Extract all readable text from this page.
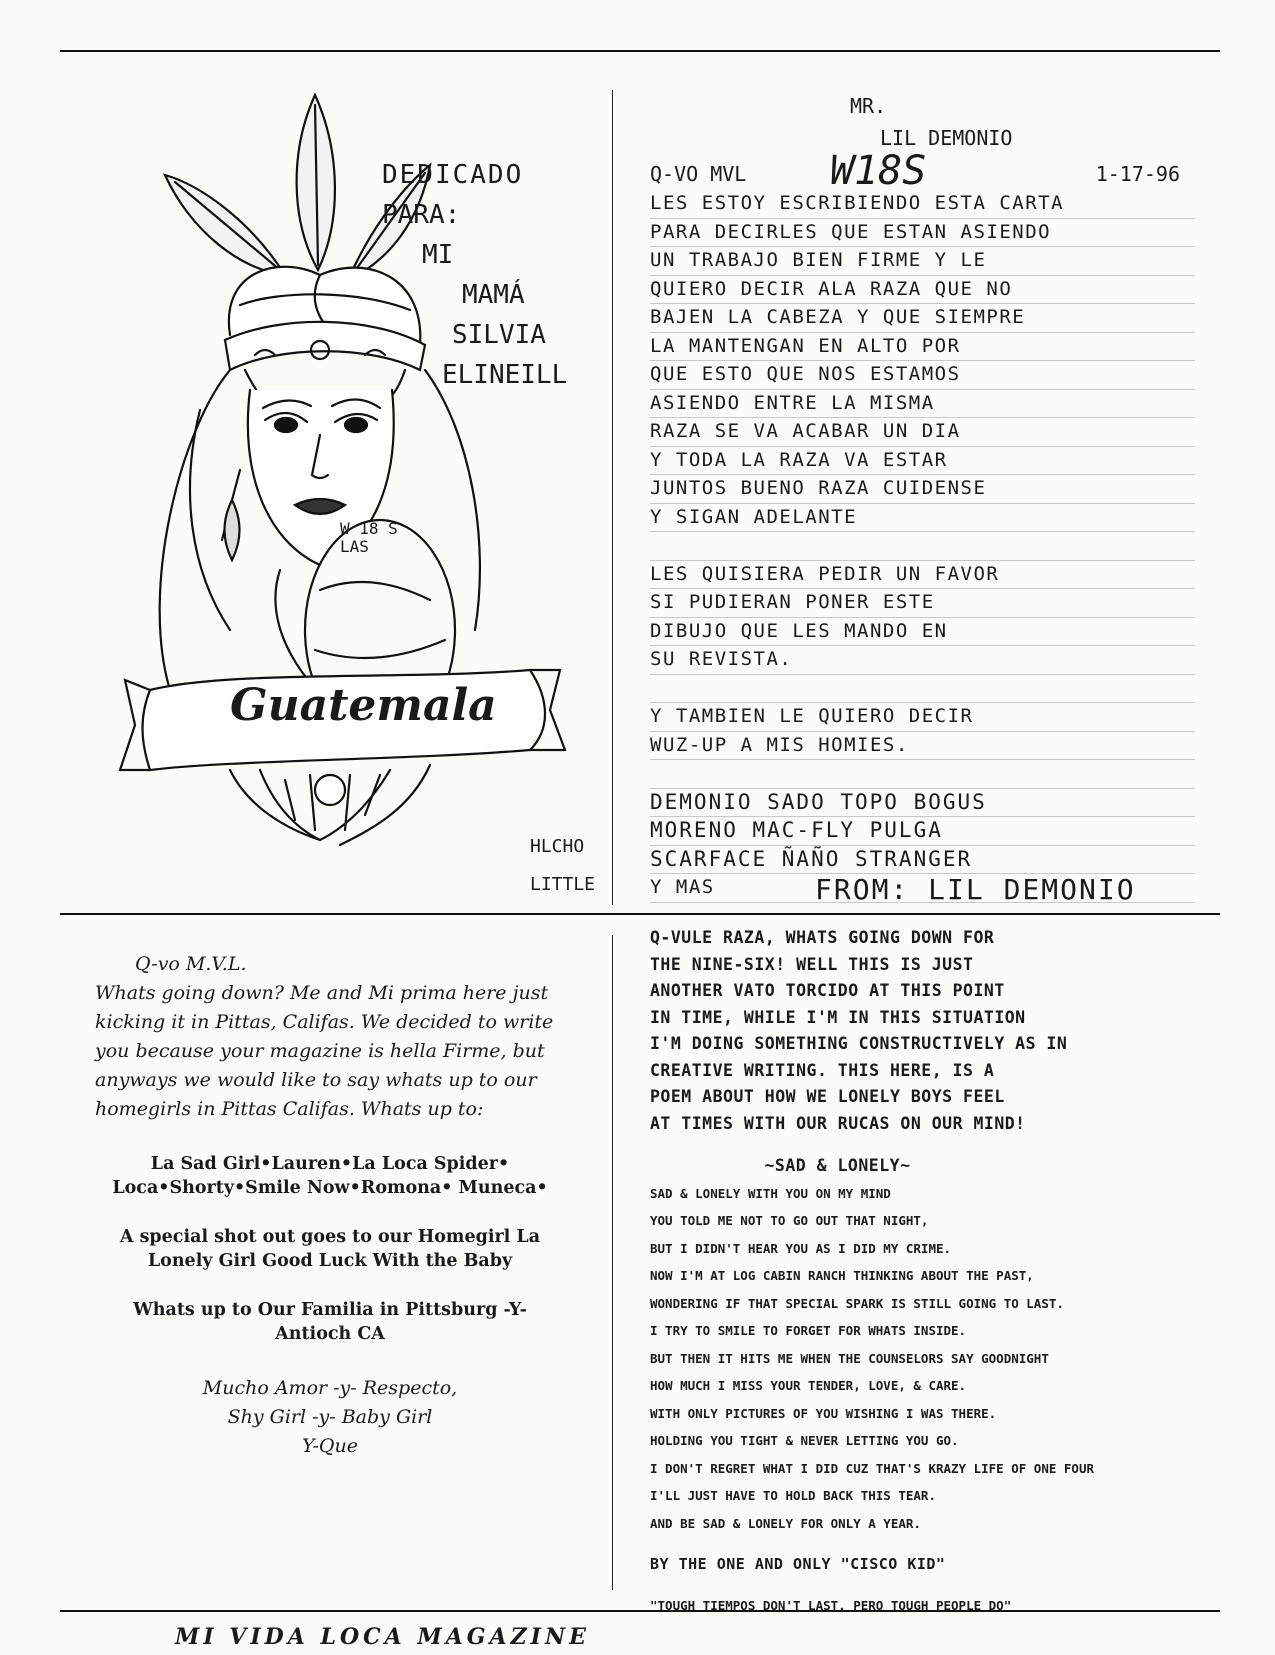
Guatemala
W 18 S
LAS
DEDICADO
PARA:
MI
MAMÁ
SILVIA
ELINEILL
HLCHO
LITTLE
MR.
LIL DEMONIO
Q-VO MVL W18S	1-17-96
LES ESTOY ESCRIBIENDO ESTA CARTA
PARA DECIRLES QUE ESTAN ASIENDO
UN TRABAJO BIEN FIRME Y LE
QUIERO DECIR ALA RAZA QUE NO
BAJEN LA CABEZA Y QUE SIEMPRE
LA MANTENGAN EN ALTO POR
QUE ESTO QUE NOS ESTAMOS
ASIENDO ENTRE LA MISMA
RAZA SE VA ACABAR UN DIA
Y TODA LA RAZA VA ESTAR
JUNTOS BUENO RAZA CUIDENSE
Y SIGAN ADELANTE
LES QUISIERA PEDIR UN FAVOR
SI PUDIERAN PONER ESTE
DIBUJO QUE LES MANDO EN
SU REVISTA.
Y TAMBIEN LE QUIERO DECIR
WUZ-UP A MIS HOMIES.
DEMONIO SADO TOPO BOGUS
MORENO MAC-FLY PULGA
SCARFACE ÑAÑO STRANGER
Y MAS	FROM: LIL DEMONIO
Q-vo M.V.L.
Whats going down? Me and Mi prima here just kicking it in Pittas, Califas. We decided to write you because your magazine is hella Firme, but anyways we would like to say whats up to our homegirls in Pittas Califas. Whats up to:
La Sad Girl•Lauren•La Loca Spider• Loca•Shorty•Smile Now•Romona• Muneca•
A special shot out goes to our Homegirl La Lonely Girl Good Luck With the Baby
Whats up to Our Familia in Pittsburg -Y- Antioch CA
Mucho Amor -y- Respecto,
Shy Girl -y- Baby Girl
Y-Que
Q-VULE RAZA, WHATS GOING DOWN FOR
THE NINE-SIX! WELL THIS IS JUST
ANOTHER VATO TORCIDO AT THIS POINT
IN TIME, WHILE I'M IN THIS SITUATION
I'M DOING SOMETHING CONSTRUCTIVELY AS IN
CREATIVE WRITING. THIS HERE, IS A
POEM ABOUT HOW WE LONELY BOYS FEEL
AT TIMES WITH OUR RUCAS ON OUR MIND!
~SAD & LONELY~
SAD & LONELY WITH YOU ON MY MIND
YOU TOLD ME NOT TO GO OUT THAT NIGHT,
BUT I DIDN'T HEAR YOU AS I DID MY CRIME.
NOW I'M AT LOG CABIN RANCH THINKING ABOUT THE PAST,
WONDERING IF THAT SPECIAL SPARK IS STILL GOING TO LAST.
I TRY TO SMILE TO FORGET FOR WHATS INSIDE.
BUT THEN IT HITS ME WHEN THE COUNSELORS SAY GOODNIGHT
HOW MUCH I MISS YOUR TENDER, LOVE, & CARE.
WITH ONLY PICTURES OF YOU WISHING I WAS THERE.
HOLDING YOU TIGHT & NEVER LETTING YOU GO.
I DON'T REGRET WHAT I DID CUZ THAT'S KRAZY LIFE OF ONE FOUR
I'LL JUST HAVE TO HOLD BACK THIS TEAR.
AND BE SAD & LONELY FOR ONLY A YEAR.
BY THE ONE AND ONLY "CISCO KID"
"TOUGH TIEMPOS DON'T LAST. PERO TOUGH PEOPLE DO"
MI VIDA LOCA MAGAZINE
